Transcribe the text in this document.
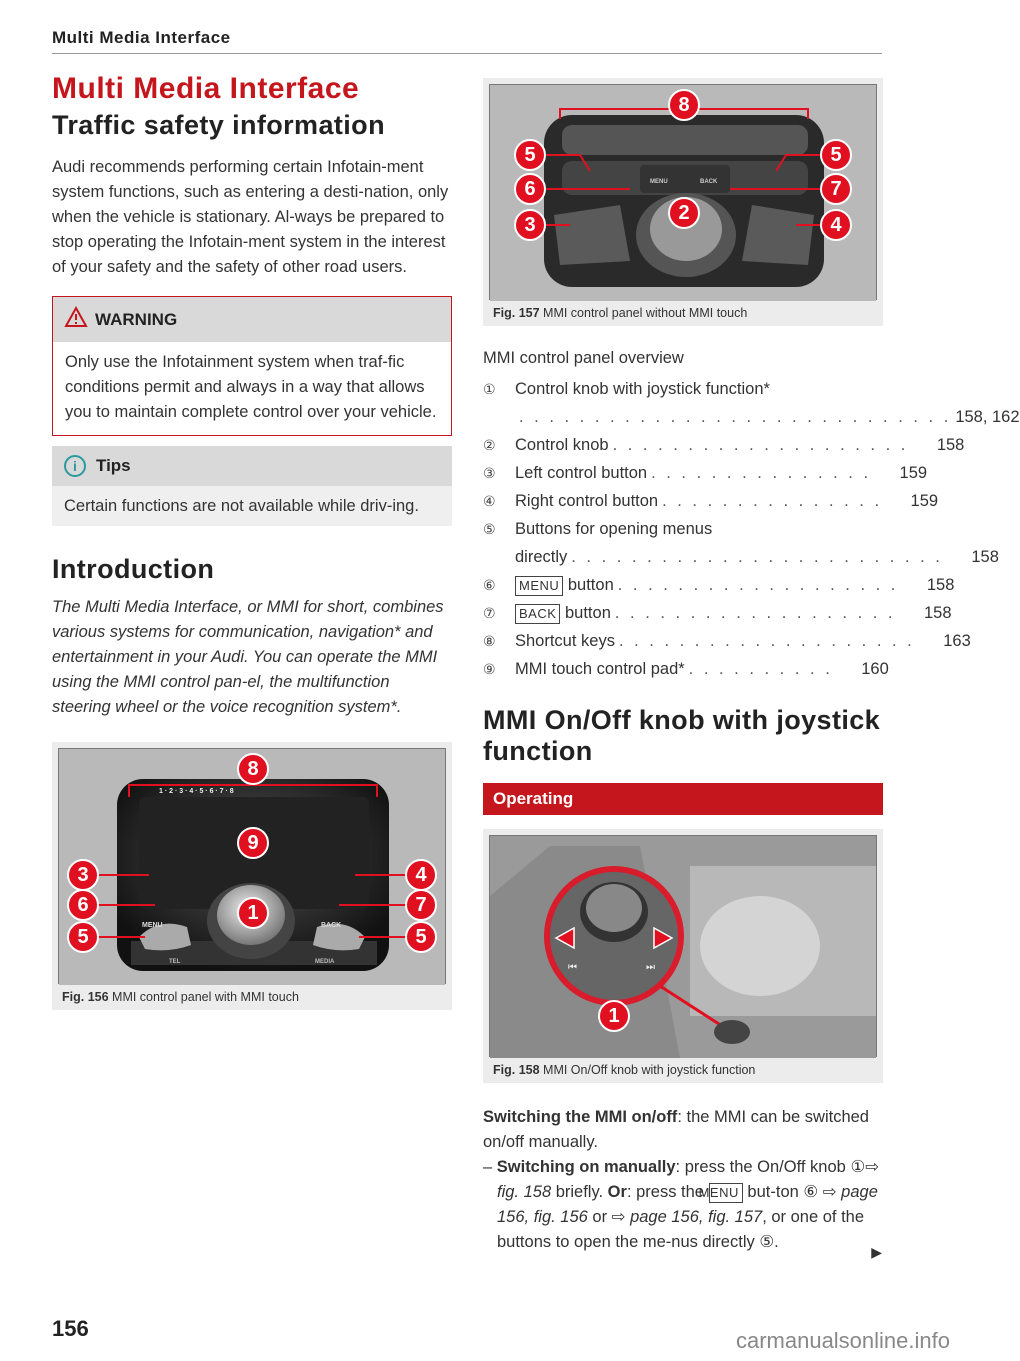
Multi Media Interface
Multi Media Interface
Traffic safety information

Audi recommends performing certain Infotain-ment system functions, such as entering a desti-nation, only when the vehicle is stationary. Al-ways be prepared to stop operating the Infotain-ment system in the interest of your safety and the safety of other road users.

WARNING
Only use the Infotainment system when traf-fic conditions permit and always in a way that allows you to maintain complete control over your vehicle.
i	Tips
Certain functions are not available while driv-ing.
Introduction

The Multi Media Interface, or MMI for short, combines various systems for communication, navigation* and entertainment in your Audi. You can operate the MMI using the MMI control pan-el, the multifunction steering wheel or the voice recognition system*.

MENU	BACK
TEL	MEDIA
1 · 2 · 3 · 4 · 5 · 6 · 7 · 8
8
9
1
3
6
5
4
7
5
Fig. 156 MMI control panel with MMI touch
MENU	BACK
8
2
5
6
3
5
7
4
Fig. 157 MMI control panel without MMI touch
MMI control panel overview
①	Control knob with joystick function*
. . . . . . . . . . . . . . . . . . . . . . . . . . . . . 158, 162
②	Control knob . . . . . . . . . . . . . . . . . . . .	158
③	Left control button . . . . . . . . . . . . . . .	159
④	Right control button . . . . . . . . . . . . . . .	159
⑤	Buttons for opening menus
directly . . . . . . . . . . . . . . . . . . . . . . . . .	158
⑥	MENU button . . . . . . . . . . . . . . . . . . .	158
⑦	BACK button . . . . . . . . . . . . . . . . . . .	158
⑧	Shortcut keys . . . . . . . . . . . . . . . . . . . .	163
⑨	MMI touch control pad* . . . . . . . . . .	160
MMI On/Off knob with joystick function
Operating
⏮	⏭
1
Fig. 158 MMI On/Off knob with joystick function

Switching the MMI on/off: the MMI can be switched on/off manually.

– Switching on manually: press the On/Off knob ①⇨ fig. 158 briefly. Or: press the MENU but-ton ⑥ ⇨ page 156, fig. 156 or ⇨ page 156, fig. 157, or one of the buttons to open the me-nus directly ⑤.

▶
156	carmanualsonline.info
